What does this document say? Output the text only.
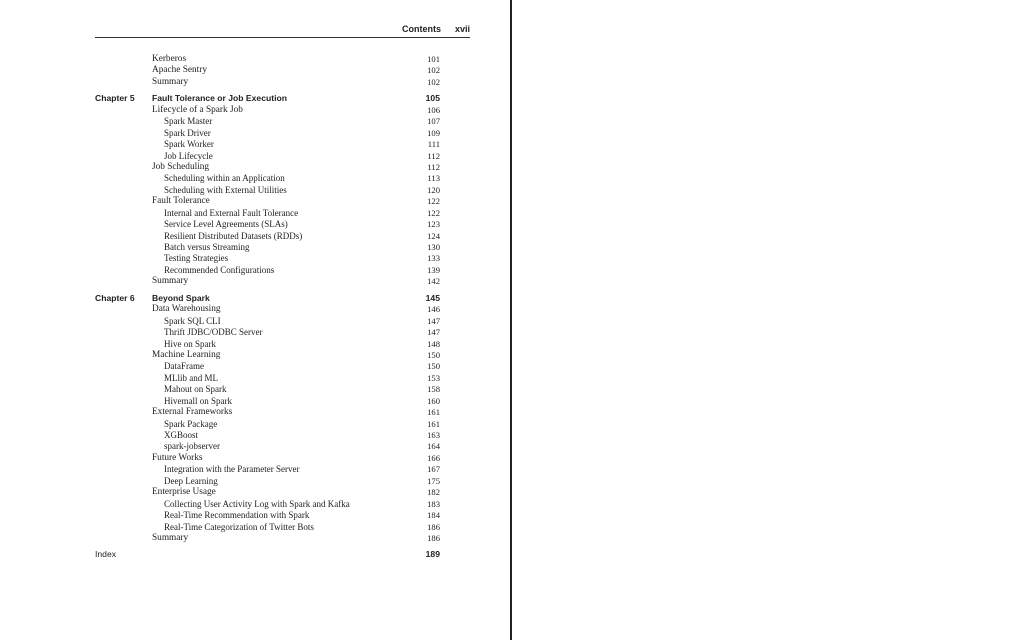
Contents xvii
Kerberos	101
Apache Sentry	102
Summary	102
Chapter 5 Fault Tolerance or Job Execution	105
Lifecycle of a Spark Job	106
Spark Master	107
Spark Driver	109
Spark Worker	111
Job Lifecycle	112
Job Scheduling	112
Scheduling within an Application	113
Scheduling with External Utilities	120
Fault Tolerance	122
Internal and External Fault Tolerance	122
Service Level Agreements (SLAs)	123
Resilient Distributed Datasets (RDDs)	124
Batch versus Streaming	130
Testing Strategies	133
Recommended Configurations	139
Summary	142
Chapter 6 Beyond Spark	145
Data Warehousing	146
Spark SQL CLI	147
Thrift JDBC/ODBC Server	147
Hive on Spark	148
Machine Learning	150
DataFrame	150
MLlib and ML	153
Mahout on Spark	158
Hivemall on Spark	160
External Frameworks	161
Spark Package	161
XGBoost	163
spark-jobserver	164
Future Works	166
Integration with the Parameter Server	167
Deep Learning	175
Enterprise Usage	182
Collecting User Activity Log with Spark and Kafka	183
Real-Time Recommendation with Spark	184
Real-Time Categorization of Twitter Bots	186
Summary	186
Index	189
